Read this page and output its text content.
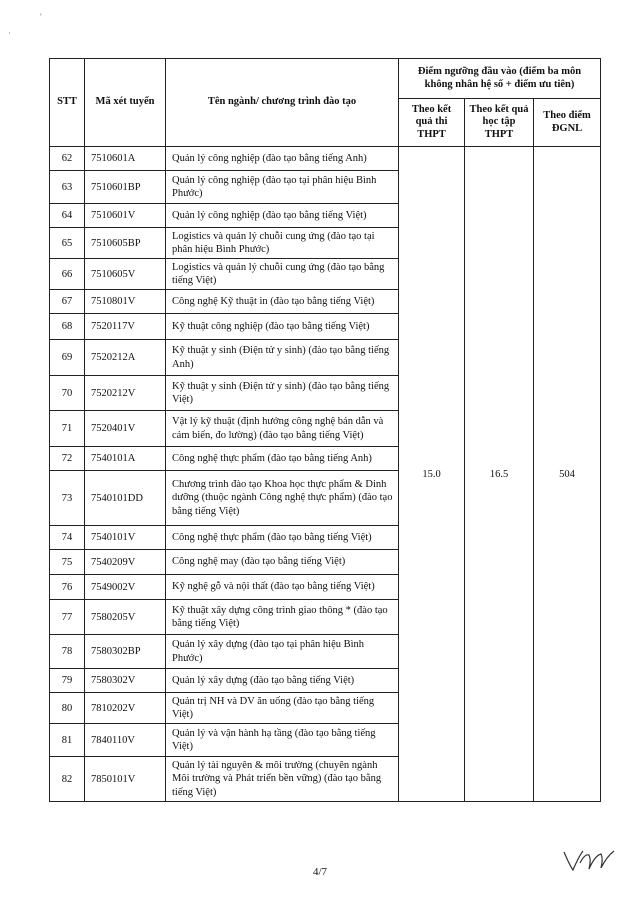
·
'
STT	Mã xét tuyển	Tên ngành/ chương trình đào tạo	Điểm ngưỡng đầu vào (điểm ba môn không nhân hệ số + điểm ưu tiên)		
			Theo kết quả thi THPT	Theo kết quả học tập THPT	Theo điểm ĐGNL
62	7510601A	Quản lý công nghiệp (đào tạo bằng tiếng Anh)	15.0	16.5	504
63	7510601BP	Quản lý công nghiệp (đào tạo tại phân hiệu Bình Phước)			
64	7510601V	Quản lý công nghiệp (đào tạo bằng tiếng Việt)			
65	7510605BP	Logistics và quản lý chuỗi cung ứng (đào tạo tại phân hiệu Bình Phước)			
66	7510605V	Logistics và quản lý chuỗi cung ứng (đào tạo bằng tiếng Việt)			
67	7510801V	Công nghệ Kỹ thuật in (đào tạo bằng tiếng Việt)			
68	7520117V	Kỹ thuật công nghiệp (đào tạo bằng tiếng Việt)			
69	7520212A	Kỹ thuật y sinh (Điện tử y sinh) (đào tạo bằng tiếng Anh)			
70	7520212V	Kỹ thuật y sinh (Điện tử y sinh) (đào tạo bằng tiếng Việt)			
71	7520401V	Vật lý kỹ thuật (định hướng công nghệ bán dẫn và cảm biến, đo lường) (đào tạo bằng tiếng Việt)			
72	7540101A	Công nghệ thực phẩm (đào tạo bằng tiếng Anh)			
73	7540101DD	Chương trình đào tạo Khoa học thực phẩm & Dinh dưỡng (thuộc ngành Công nghệ thực phẩm) (đào tạo bằng tiếng Việt)			
74	7540101V	Công nghệ thực phẩm (đào tạo bằng tiếng Việt)			
75	7540209V	Công nghệ may (đào tạo bằng tiếng Việt)			
76	7549002V	Kỹ nghệ gỗ và nội thất (đào tạo bằng tiếng Việt)			
77	7580205V	Kỹ thuật xây dựng công trình giao thông * (đào tạo bằng tiếng Việt)			
78	7580302BP	Quản lý xây dựng (đào tạo tại phân hiệu Bình Phước)			
79	7580302V	Quản lý xây dựng (đào tạo bằng tiếng Việt)			
80	7810202V	Quản trị NH và DV ăn uống (đào tạo bằng tiếng Việt)			
81	7840110V	Quản lý và vận hành hạ tầng (đào tạo bằng tiếng Việt)			
82	7850101V	Quản lý tài nguyên & môi trường (chuyên ngành Môi trường và Phát triển bền vững) (đào tạo bằng tiếng Việt)			
4/7
